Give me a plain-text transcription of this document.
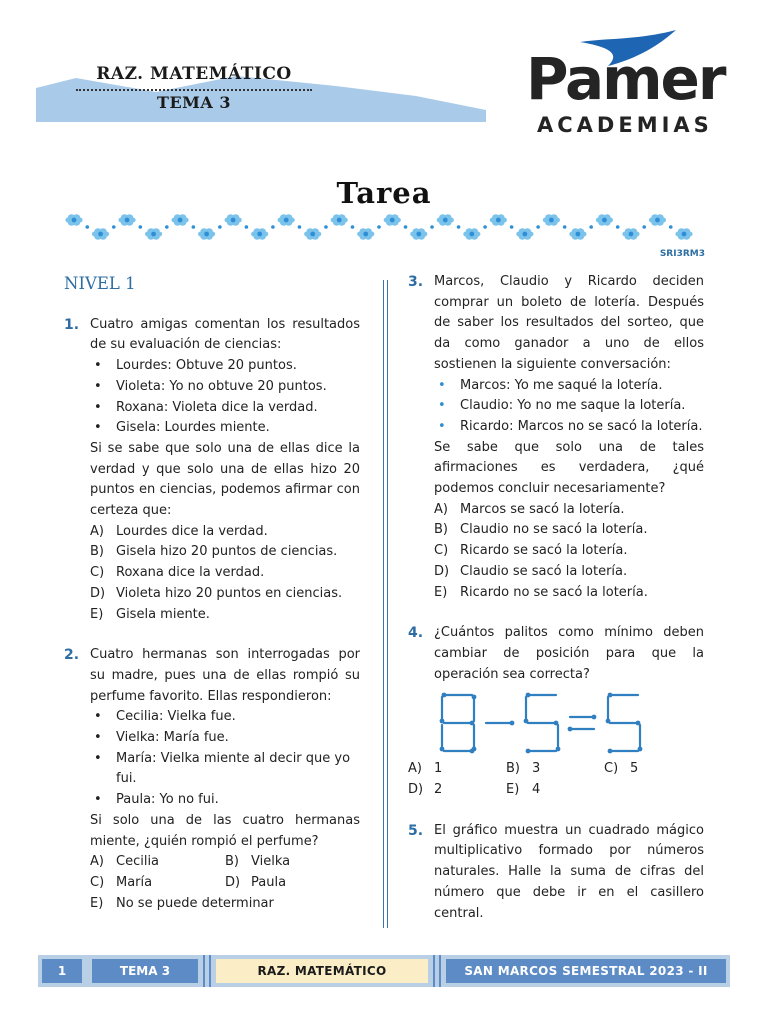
RAZ. MATEMÁTICO
TEMA 3	Pamer
ACADEMIAS
Tarea
SRI3RM3
NIVEL 1
1. Cuatro amigas comentan los resultados de su evaluación de ciencias:

• Lourdes: Obtuve 20 puntos.
• Violeta: Yo no obtuve 20 puntos.
• Roxana: Violeta dice la verdad.
• Gisela: Lourdes miente.

Si se sabe que solo una de ellas dice la verdad y que solo una de ellas hizo 20 puntos en ciencias, podemos afirmar con certeza que:

A) Lourdes dice la verdad.
B) Gisela hizo 20 puntos de ciencias.
C) Roxana dice la verdad.
D) Violeta hizo 20 puntos en ciencias.
E) Gisela miente.
2. Cuatro hermanas son interrogadas por su madre, pues una de ellas rompió su perfume favorito. Ellas respondieron:

• Cecilia: Vielka fue.
• Vielka: María fue.
• María: Vielka miente al decir que yo fui.
• Paula: Yo no fui.

Si solo una de las cuatro hermanas miente, ¿quién rompió el perfume?

A) Cecilia	B) Vielka
C) María	D) Paula
E) No se puede determinar
3. Marcos, Claudio y Ricardo deciden comprar un boleto de lotería. Después de saber los resultados del sorteo, que da como ganador a uno de ellos sostienen la siguiente conversación:

• Marcos: Yo me saqué la lotería.
• Claudio: Yo no me saque la lotería.
• Ricardo: Marcos no se sacó la lotería.

Se sabe que solo una de tales afirmaciones es verdadera, ¿qué podemos concluir necesariamente?

A) Marcos se sacó la lotería.
B) Claudio no se sacó la lotería.
C) Ricardo se sacó la lotería.
D) Claudio se sacó la lotería.
E) Ricardo no se sacó la lotería.
4. ¿Cuántos palitos como mínimo deben cambiar de posición para que la operación sea correcta?

A) 1	B) 3	C) 5
D) 2	E) 4
5. El gráfico muestra un cuadrado mágico multiplicativo formado por números naturales. Halle la suma de cifras del número que debe ir en el casillero central.

1	TEMA 3	RAZ. MATEMÁTICO	SAN MARCOS SEMESTRAL 2023 - II
